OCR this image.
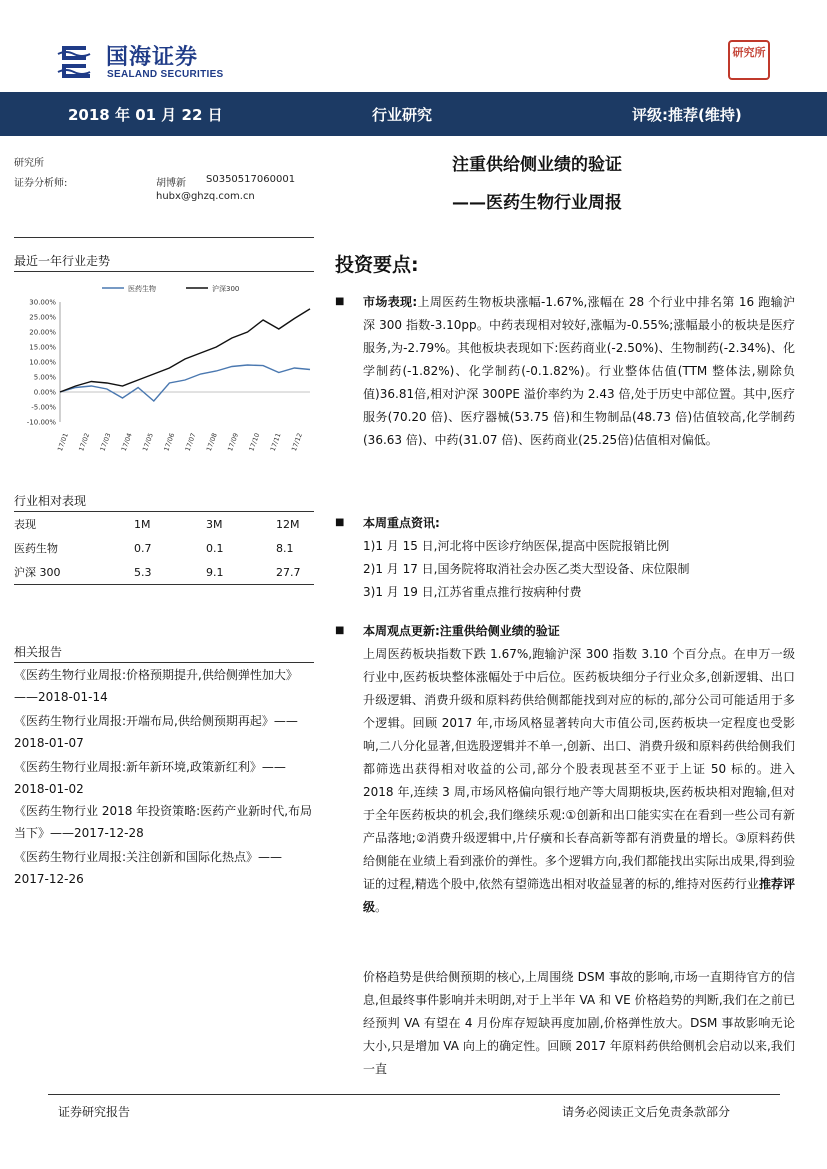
国海证券
SEALAND SECURITIES
研究所
2018 年 01 月 22 日	行业研究	评级:推荐(维持)
研究所
证券分析师:	胡博新 S0350517060001
hubx@ghzq.com.cn
注重供给侧业绩的验证
——医药生物行业周报
最近一年行业走势
医药生物	沪深300
30.00%
25.00%
20.00%
15.00%
10.00%
5.00%
0.00%
-5.00%
-10.00%
17/01 17/02 17/03 17/04 17/05 17/06 17/07 17/08 17/09 17/10 17/11 17/12
行业相对表现
表现	1M	3M	12M
医药生物	0.7	0.1	8.1
沪深 300	5.3	9.1	27.7
相关报告
《医药生物行业周报:价格预期提升,供给侧弹性加大》——2018-01-14
《医药生物行业周报:开端布局,供给侧预期再起》——2018-01-07
《医药生物行业周报:新年新环境,政策新红利》——2018-01-02
《医药生物行业 2018 年投资策略:医药产业新时代,布局当下》——2017-12-28
《医药生物行业周报:关注创新和国际化热点》——2017-12-26
投资要点:
■ 市场表现:上周医药生物板块涨幅-1.67%,涨幅在 28 个行业中排名第 16 跑输沪深 300 指数-3.10pp。中药表现相对较好,涨幅为-0.55%;涨幅最小的板块是医疗服务,为-2.79%。其他板块表现如下:医药商业(-2.50%)、生物制药(-2.34%)、化学制药(-1.82%)、化学制药(-0.1.82%)。行业整体估值(TTM 整体法,剔除负值)36.81倍,相对沪深 300PE 溢价率约为 2.43 倍,处于历史中部位置。其中,医疗服务(70.20 倍)、医疗器械(53.75 倍)和生物制品(48.73 倍)估值较高,化学制药(36.63 倍)、中药(31.07 倍)、医药商业(25.25倍)估值相对偏低。
■ 本周重点资讯:
1)1 月 15 日,河北将中医诊疗纳医保,提高中医院报销比例
2)1 月 17 日,国务院将取消社会办医乙类大型设备、床位限制
3)1 月 19 日,江苏省重点推行按病种付费
■ 本周观点更新:注重供给侧业绩的验证
上周医药板块指数下跌 1.67%,跑输沪深 300 指数 3.10 个百分点。在申万一级行业中,医药板块整体涨幅处于中后位。医药板块细分子行业众多,创新逻辑、出口升级逻辑、消费升级和原料药供给侧都能找到对应的标的,部分公司可能适用于多个逻辑。回顾 2017 年,市场风格显著转向大市值公司,医药板块一定程度也受影响,二八分化显著,但选股逻辑并不单一,创新、出口、消费升级和原料药供给侧我们都筛选出获得相对收益的公司,部分个股表现甚至不亚于上证 50 标的。进入 2018 年,连续 3 周,市场风格偏向银行地产等大周期板块,医药板块相对跑输,但对于全年医药板块的机会,我们继续乐观:①创新和出口能实实在在看到一些公司有新产品落地;②消费升级逻辑中,片仔癀和长春高新等都有消费量的增长。③原料药供给侧能在业绩上看到涨价的弹性。多个逻辑方向,我们都能找出实际出成果,得到验证的过程,精选个股中,依然有望筛选出相对收益显著的标的,维持对医药行业推荐评级。
价格趋势是供给侧预期的核心,上周围绕 DSM 事故的影响,市场一直期待官方的信息,但最终事件影响并未明朗,对于上半年 VA 和 VE 价格趋势的判断,我们在之前已经预判 VA 有望在 4 月份库存短缺再度加剧,价格弹性放大。DSM 事故影响无论大小,只是增加 VA 向上的确定性。回顾 2017 年原料药供给侧机会启动以来,我们一直
证券研究报告	请务必阅读正文后免责条款部分
